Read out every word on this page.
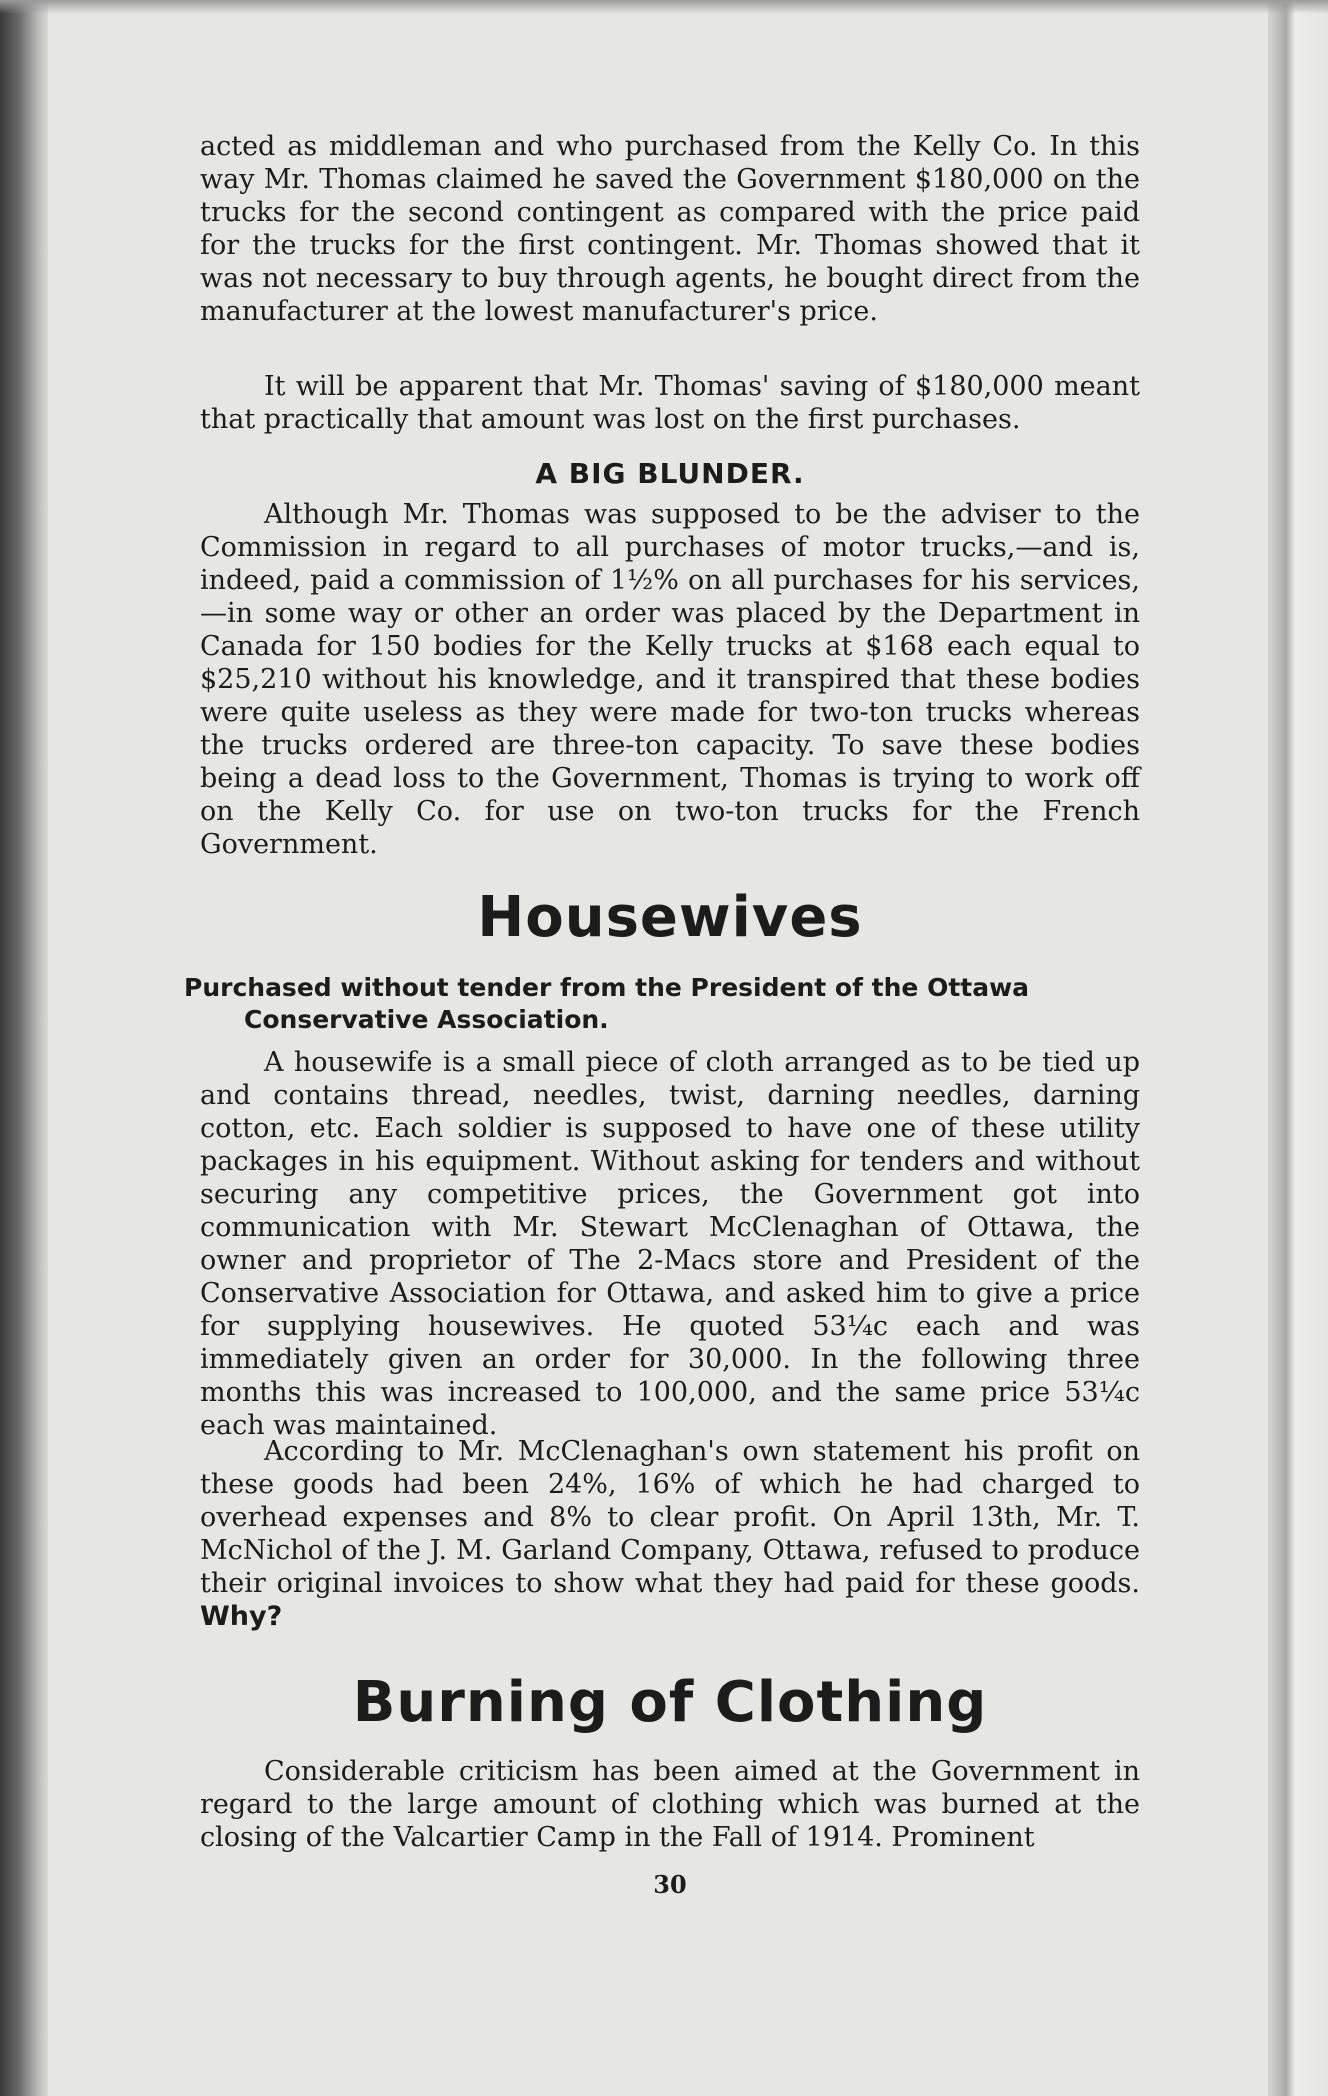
acted as middleman and who purchased from the Kelly Co. In this way Mr. Thomas claimed he saved the Government $180,000 on the trucks for the second contingent as compared with the price paid for the trucks for the first contingent. Mr. Thomas showed that it was not necessary to buy through agents, he bought direct from the manufacturer at the lowest manufacturer's price.

It will be apparent that Mr. Thomas' saving of $180,000 meant that practically that amount was lost on the first purchases.

A BIG BLUNDER.

Although Mr. Thomas was supposed to be the adviser to the Commission in regard to all purchases of motor trucks,—and is, indeed, paid a commission of 1½% on all purchases for his services,—in some way or other an order was placed by the Department in Canada for 150 bodies for the Kelly trucks at $168 each equal to $25,210 without his knowledge, and it transpired that these bodies were quite useless as they were made for two-ton trucks whereas the trucks ordered are three-ton capacity. To save these bodies being a dead loss to the Government, Thomas is trying to work off on the Kelly Co. for use on two-ton trucks for the French Government.

Housewives
Purchased without tender from the President of the Ottawa Conservative Association.

A housewife is a small piece of cloth arranged as to be tied up and contains thread, needles, twist, darning needles, darning cotton, etc. Each soldier is supposed to have one of these utility packages in his equipment. Without asking for tenders and without securing any competitive prices, the Government got into communication with Mr. Stewart McClenaghan of Ottawa, the owner and proprietor of The 2-Macs store and President of the Conservative Association for Ottawa, and asked him to give a price for supplying housewives. He quoted 53¼c each and was immediately given an order for 30,000. In the following three months this was increased to 100,000, and the same price 53¼c each was maintained.

According to Mr. McClenaghan's own statement his profit on these goods had been 24%, 16% of which he had charged to overhead expenses and 8% to clear profit. On April 13th, Mr. T. McNichol of the J. M. Garland Company, Ottawa, refused to produce their original invoices to show what they had paid for these goods. Why?

Burning of Clothing

Considerable criticism has been aimed at the Government in regard to the large amount of clothing which was burned at the closing of the Valcartier Camp in the Fall of 1914. Prominent

30
